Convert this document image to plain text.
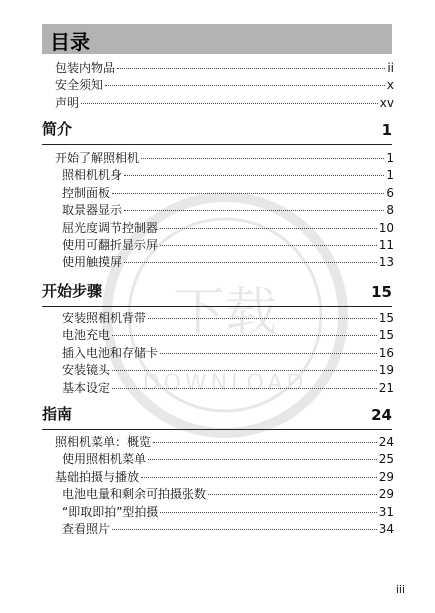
目录
下载
DOWNLOAD
包装内物品	ii
安全须知	x
声明	xv
简介	1
开始了解照相机	1
照相机机身	1
控制面板	6
取景器显示	8
屈光度调节控制器	10
使用可翻折显示屏	11
使用触摸屏	13
开始步骤	15
安装照相机背带	15
电池充电	15
插入电池和存储卡	16
安装镜头	19
基本设定	21
指南	24
照相机菜单：概览	24
使用照相机菜单	25
基础拍摄与播放	29
电池电量和剩余可拍摄张数	29
“即取即拍”型拍摄	31
查看照片	34
iii
